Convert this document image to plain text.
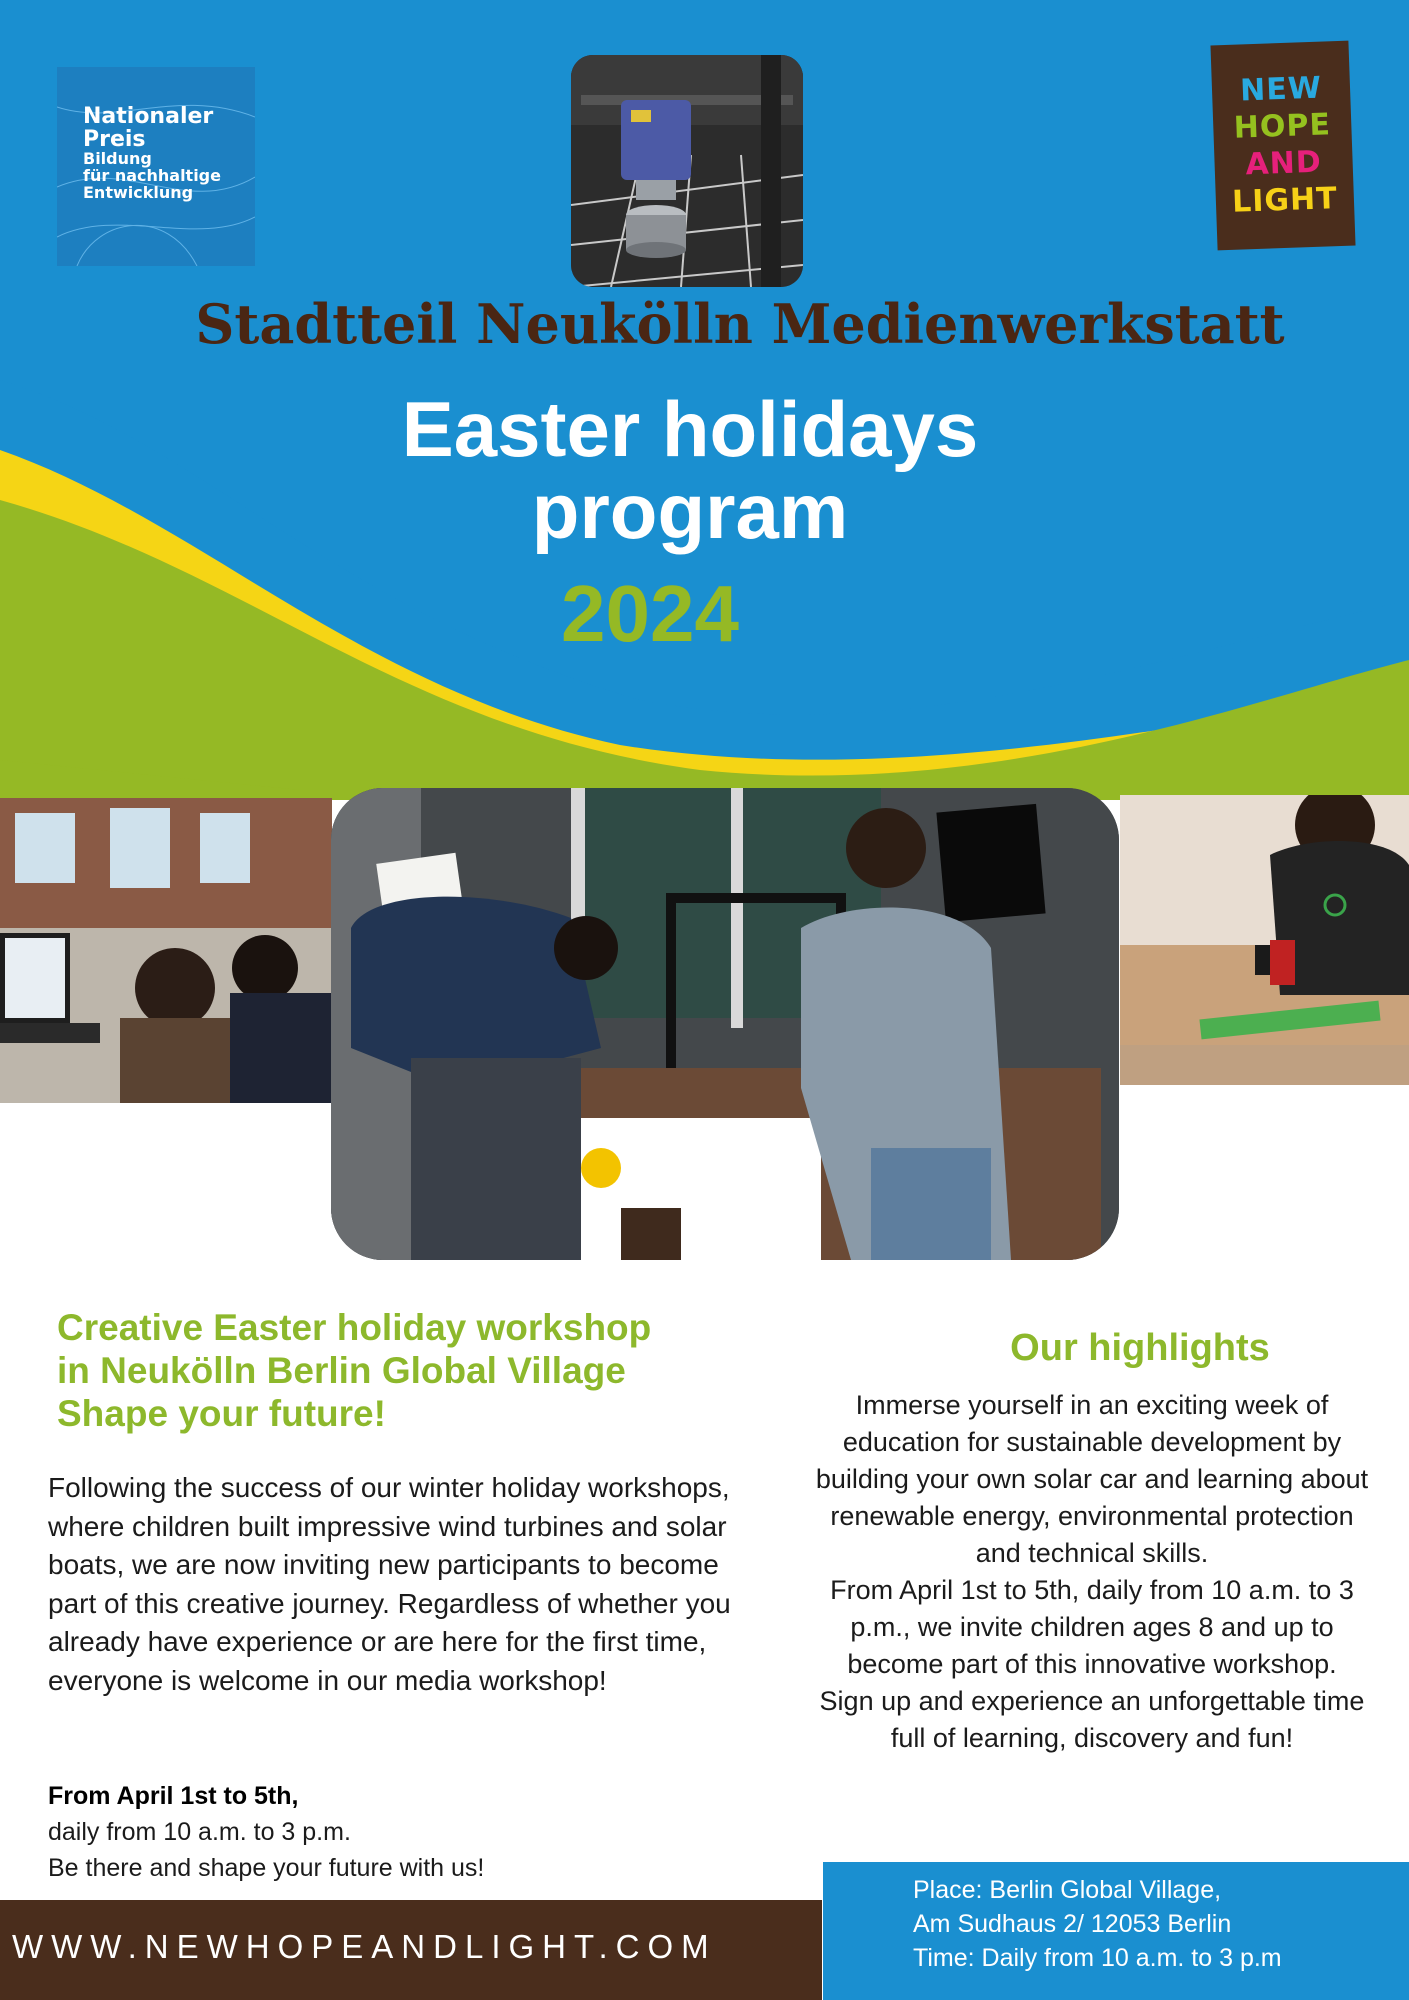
Nationaler
Preis
Bildung
für nachhaltige
Entwicklung
NEW
HOPE
AND
LIGHT
Stadtteil Neukölln Medienwerkstatt
Easter holidays
program
2024
Creative Easter holiday workshop
in Neukölln Berlin Global Village
Shape your future!
Following the success of our winter holiday workshops, where children built impressive wind turbines and solar boats, we are now inviting new participants to become part of this creative journey. Regardless of whether you already have experience or are here for the first time, everyone is welcome in our media workshop!
From April 1st to 5th,
daily from 10 a.m. to 3 p.m.
Be there and shape your future with us!
Our highlights
Immerse yourself in an exciting week of
education for sustainable development by
building your own solar car and learning about
renewable energy, environmental protection
and technical skills.
From April 1st to 5th, daily from 10 a.m. to 3
p.m., we invite children ages 8 and up to
become part of this innovative workshop.
Sign up and experience an unforgettable time
full of learning, discovery and fun!
WWW.NEWHOPEANDLIGHT.COM
Place: Berlin Global Village,
Am Sudhaus 2/ 12053 Berlin
Time: Daily from 10 a.m. to 3 p.m
